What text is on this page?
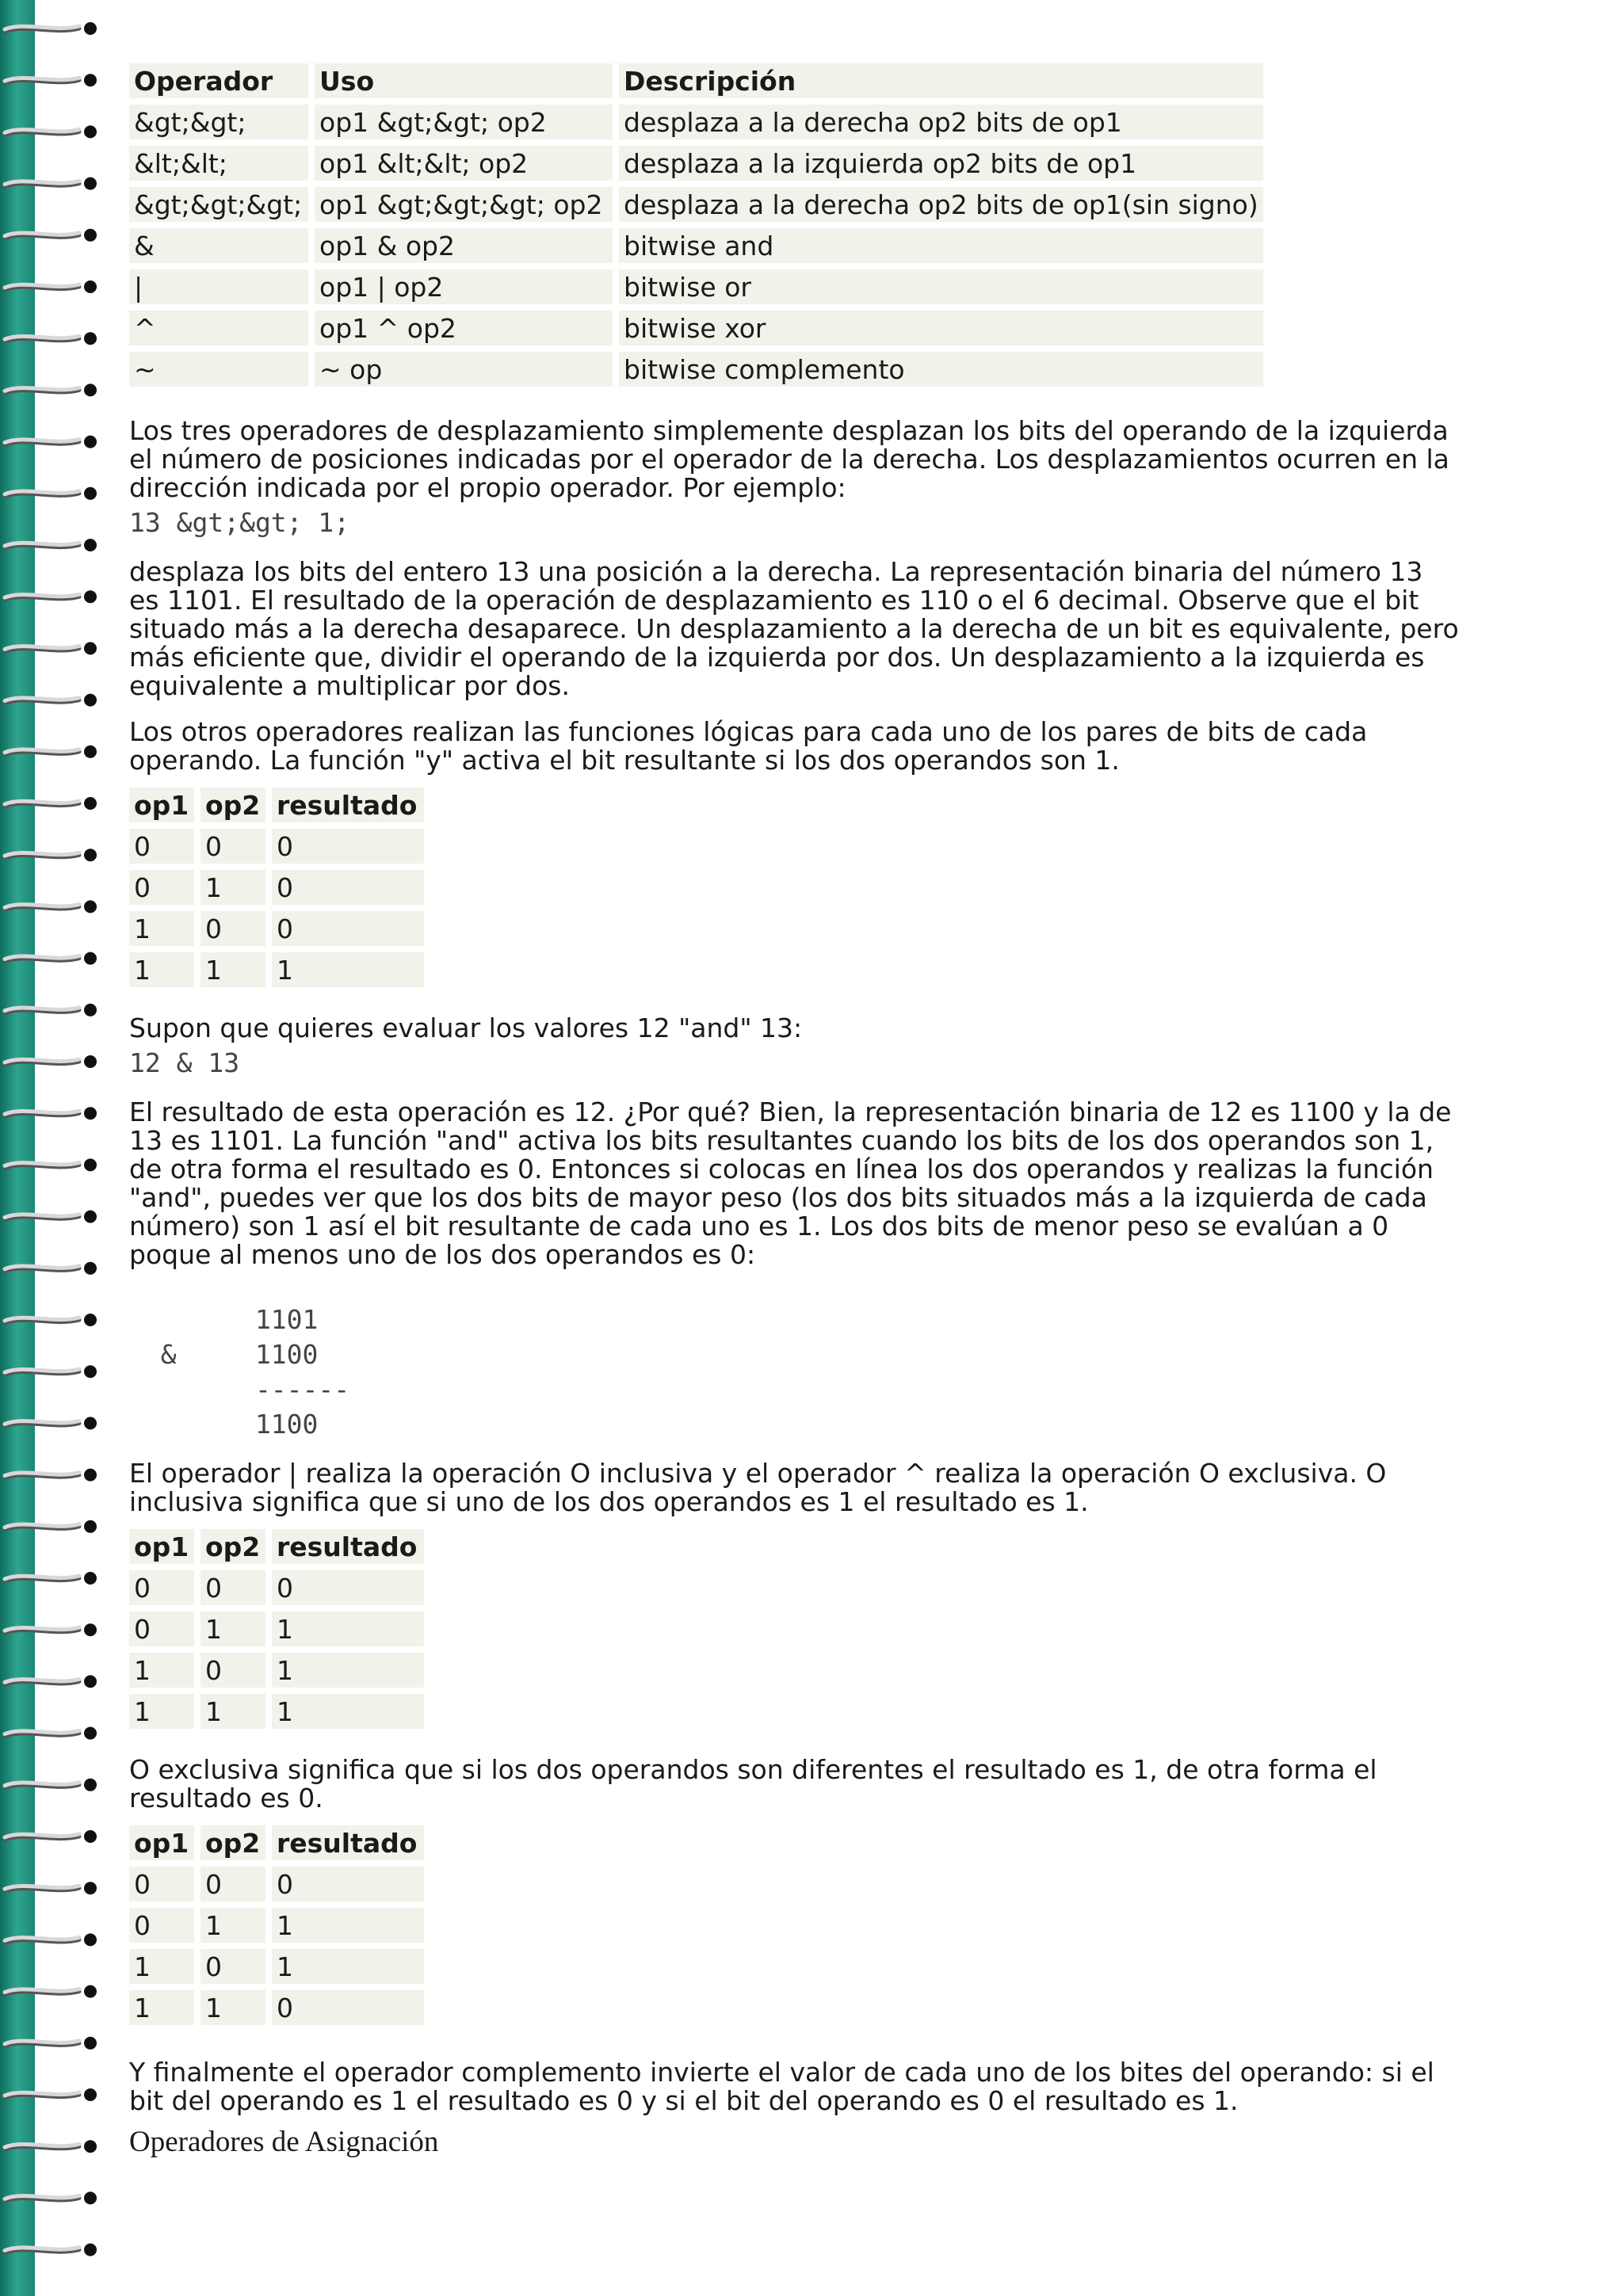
Operador	Uso	Descripción
&gt;&gt;	op1 &gt;&gt; op2	desplaza a la derecha op2 bits de op1
&lt;&lt;	op1 &lt;&lt; op2	desplaza a la izquierda op2 bits de op1
&gt;&gt;&gt;	op1 &gt;&gt;&gt; op2	desplaza a la derecha op2 bits de op1(sin signo)
&	op1 & op2	bitwise and
|	op1 | op2	bitwise or
^	op1 ^ op2	bitwise xor
~	~ op	bitwise complemento

Los tres operadores de desplazamiento simplemente desplazan los bits del operando de la izquierda el número de posiciones indicadas por el operador de la derecha. Los desplazamientos ocurren en la dirección indicada por el propio operador. Por ejemplo:

13 &gt;&gt; 1;

desplaza los bits del entero 13 una posición a la derecha. La representación binaria del número 13 es 1101. El resultado de la operación de desplazamiento es 110 o el 6 decimal. Observe que el bit situado más a la derecha desaparece. Un desplazamiento a la derecha de un bit es equivalente, pero más eficiente que, dividir el operando de la izquierda por dos. Un desplazamiento a la izquierda es equivalente a multiplicar por dos.

Los otros operadores realizan las funciones lógicas para cada uno de los pares de bits de cada operando. La función "y" activa el bit resultante si los dos operandos son 1.

op1	op2	resultado
0	0	0
0	1	0
1	0	0
1	1	1

Supon que quieres evaluar los valores 12 "and" 13:

12 & 13

El resultado de esta operación es 12. ¿Por qué? Bien, la representación binaria de 12 es 1100 y la de 13 es 1101. La función "and" activa los bits resultantes cuando los bits de los dos operandos son 1, de otra forma el resultado es 0. Entonces si colocas en línea los dos operandos y realizas la función "and", puedes ver que los dos bits de mayor peso (los dos bits situados más a la izquierda de cada número) son 1 así el bit resultante de cada uno es 1. Los dos bits de menor peso se evalúan a 0 poque al menos uno de los dos operandos es 0:

1101
&     1100
------
1100

El operador | realiza la operación O inclusiva y el operador ^ realiza la operación O exclusiva. O inclusiva significa que si uno de los dos operandos es 1 el resultado es 1.

op1	op2	resultado
0	0	0
0	1	1
1	0	1
1	1	1

O exclusiva significa que si los dos operandos son diferentes el resultado es 1, de otra forma el resultado es 0.

op1	op2	resultado
0	0	0
0	1	1
1	0	1
1	1	0

Y finalmente el operador complemento invierte el valor de cada uno de los bites del operando: si el bit del operando es 1 el resultado es 0 y si el bit del operando es 0 el resultado es 1.

Operadores de Asignación
